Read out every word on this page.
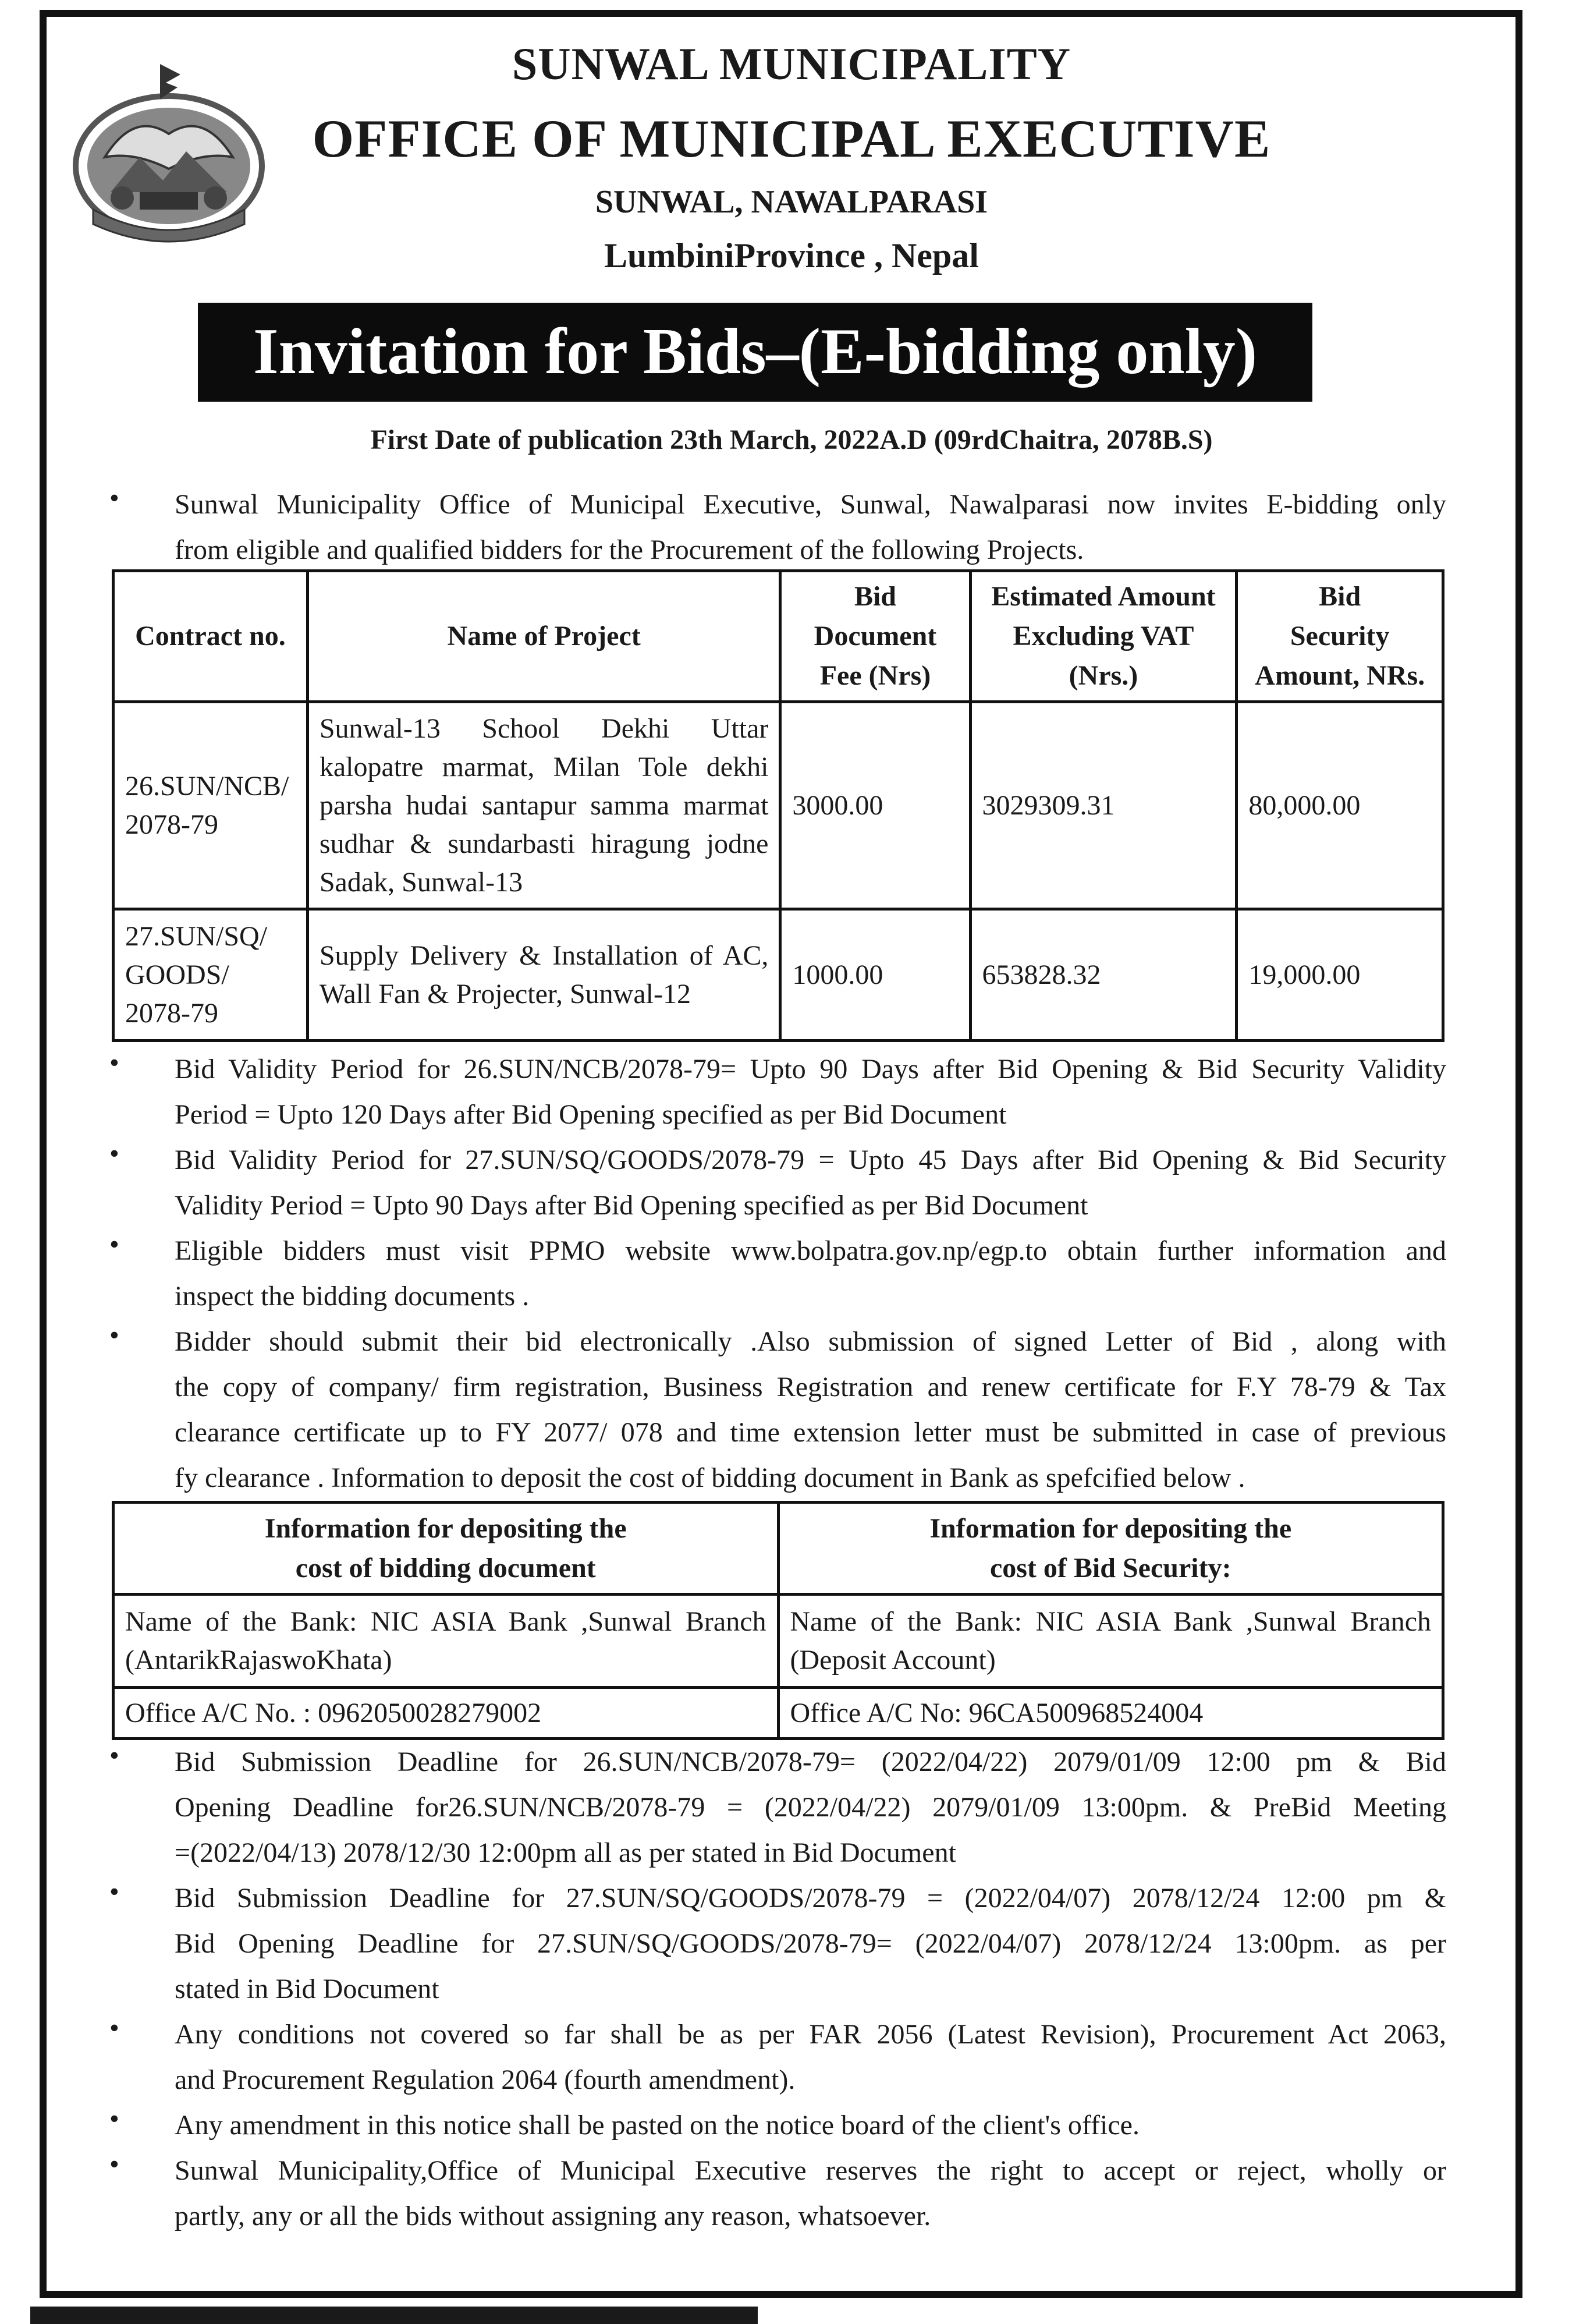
SUNWAL MUNICIPALITY
OFFICE OF MUNICIPAL EXECUTIVE
SUNWAL, NAWALPARASI
LumbiniProvince , Nepal
Invitation for Bids–(E-bidding only)
First Date of publication 23th March, 2022A.D (09rdChaitra, 2078B.S)
• Sunwal Municipality Office of Municipal Executive, Sunwal, Nawalparasi now invites E-bidding only
from eligible and qualified bidders for the Procurement of the following Projects.
Contract no.	Name of Project	Bid
Document
Fee (Nrs)	Estimated Amount
Excluding VAT
(Nrs.)	Bid
Security
Amount, NRs.
26.SUN/NCB/
2078-79	Sunwal-13 School Dekhi Uttar
kalopatre marmat, Milan Tole dekhi
parsha hudai santapur samma marmat
sudhar & sundarbasti hiragung jodne
Sadak, Sunwal-13	3000.00	3029309.31	80,000.00
27.SUN/SQ/
GOODS/
2078-79	Supply Delivery & Installation of AC,
Wall Fan & Projecter, Sunwal-12	1000.00	653828.32	19,000.00
• Bid Validity Period for 26.SUN/NCB/2078-79= Upto 90 Days after Bid Opening & Bid Security Validity
Period = Upto 120 Days after Bid Opening specified as per Bid Document
• Bid Validity Period for 27.SUN/SQ/GOODS/2078-79 = Upto 45 Days after Bid Opening & Bid Security
Validity Period = Upto 90 Days after Bid Opening specified as per Bid Document
• Eligible bidders must visit PPMO website www.bolpatra.gov.np/egp.to obtain further information and
inspect the bidding documents .
• Bidder should submit their bid electronically .Also submission of signed Letter of Bid , along with
the copy of company/ firm registration, Business Registration and renew certificate for F.Y 78-79 & Tax
clearance certificate up to FY 2077/ 078 and time extension letter must be submitted in case of previous
fy clearance . Information to deposit the cost of bidding document in Bank as spefcified below .
Information for depositing the
cost of bidding document	Information for depositing the
cost of Bid Security:

Name of the Bank: NIC ASIA Bank ,Sunwal Branch
(AntarikRajaswoKhata)	Name of the Bank: NIC ASIA Bank ,Sunwal Branch
(Deposit Account)

Office A/C No. : 0962050028279002	Office A/C No: 96CA500968524004
• Bid Submission Deadline for 26.SUN/NCB/2078-79= (2022/04/22) 2079/01/09 12:00 pm & Bid
Opening Deadline for26.SUN/NCB/2078-79 = (2022/04/22) 2079/01/09 13:00pm. & PreBid Meeting
=(2022/04/13) 2078/12/30 12:00pm all as per stated in Bid Document
• Bid Submission Deadline for 27.SUN/SQ/GOODS/2078-79 = (2022/04/07) 2078/12/24 12:00 pm &
Bid Opening Deadline for 27.SUN/SQ/GOODS/2078-79= (2022/04/07) 2078/12/24 13:00pm. as per
stated in Bid Document
• Any conditions not covered so far shall be as per FAR 2056 (Latest Revision), Procurement Act 2063,
and Procurement Regulation 2064 (fourth amendment).
• Any amendment in this notice shall be pasted on the notice board of the client's office.
• Sunwal Municipality,Office of Municipal Executive reserves the right to accept or reject, wholly or
partly, any or all the bids without assigning any reason, whatsoever.
